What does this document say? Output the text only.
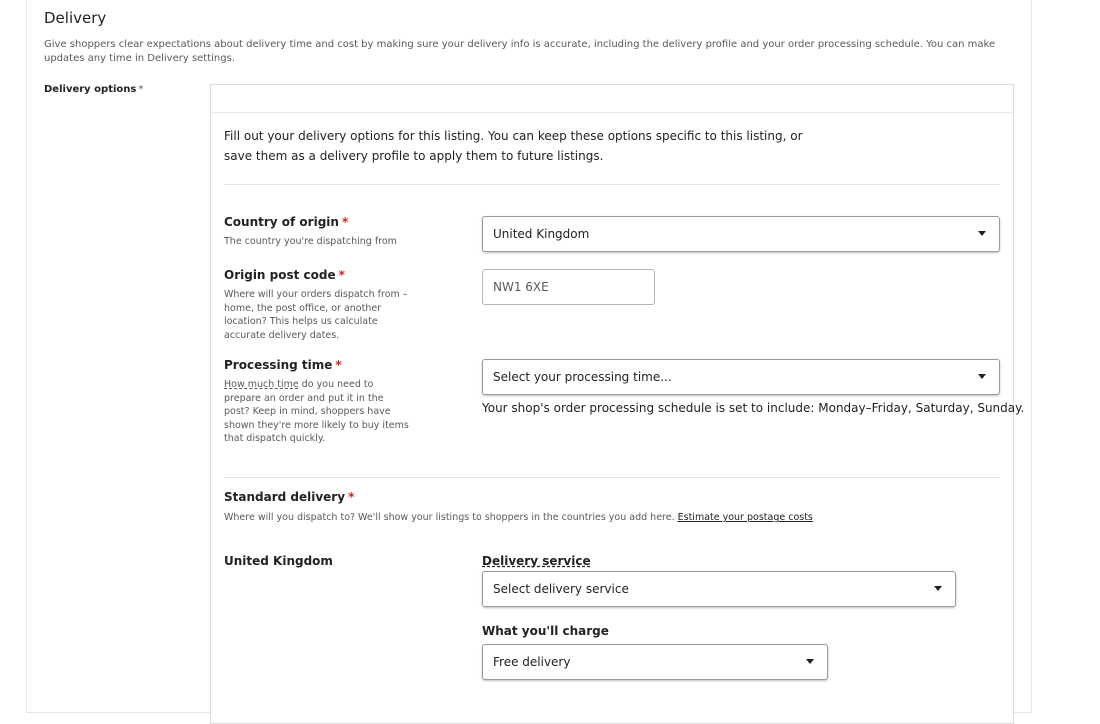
Delivery
Give shoppers clear expectations about delivery time and cost by making sure your delivery info is accurate, including the delivery profile and your order processing schedule. You can make updates any time in Delivery settings.
Delivery options *
Fill out your delivery options for this listing. You can keep these options specific to this listing, or save them as a delivery profile to apply them to future listings.
Country of origin *
The country you're dispatching from
United Kingdom
Origin post code *
Where will your orders dispatch from – home, the post office, or another location? This helps us calculate accurate delivery dates.
NW1 6XE
Processing time *
How much time do you need to prepare an order and put it in the post? Keep in mind, shoppers have shown they're more likely to buy items that dispatch quickly.
Select your processing time...
Your shop's order processing schedule is set to include: Monday–Friday, Saturday, Sunday.
Standard delivery *
Where will you dispatch to? We'll show your listings to shoppers in the countries you add here. Estimate your postage costs
United Kingdom	Delivery service
Select delivery service
What you'll charge
Free delivery
